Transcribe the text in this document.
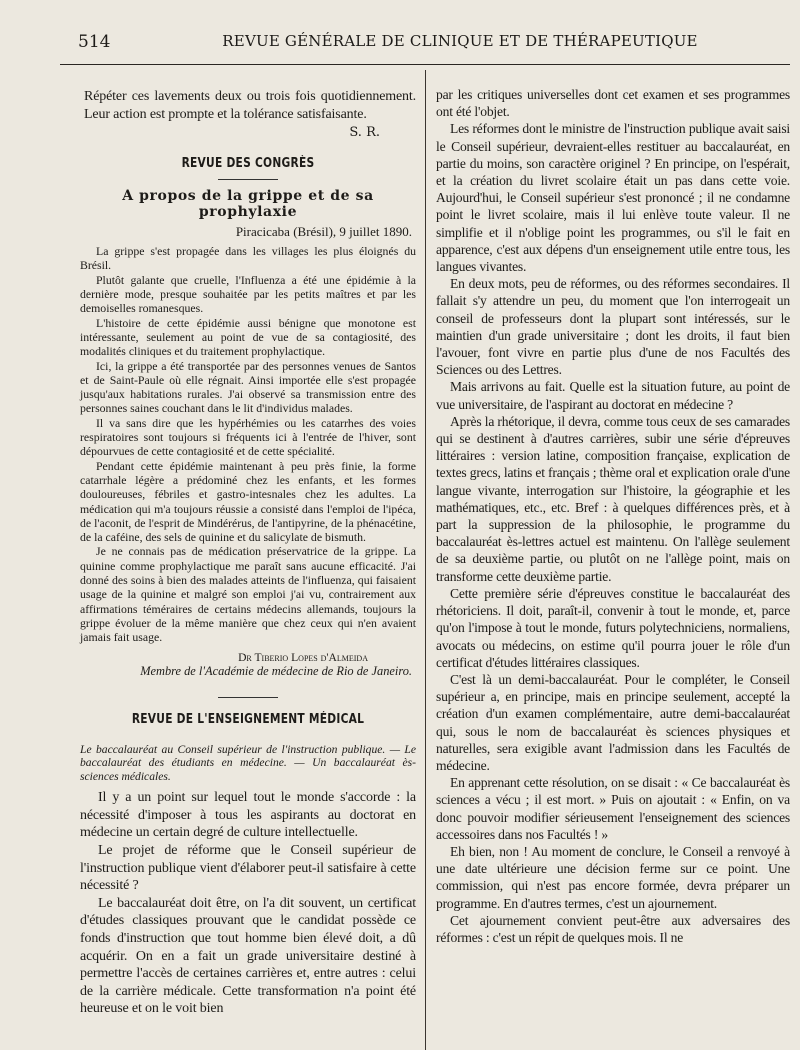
514	REVUE GÉNÉRALE DE CLINIQUE ET DE THÉRAPEUTIQUE

Répéter ces lavements deux ou trois fois quotidiennement. Leur action est prompte et la tolérance satisfaisante.

S. R.
REVUE DES CONGRÈS
A propos de la grippe et de sa prophylaxie
Piracicaba (Brésil), 9 juillet 1890.

La grippe s'est propagée dans les villages les plus éloignés du Brésil.

Plutôt galante que cruelle, l'Influenza a été une épidémie à la dernière mode, presque souhaitée par les petits maîtres et par les demoiselles romanesques.

L'histoire de cette épidémie aussi bénigne que monotone est intéressante, seulement au point de vue de sa contagiosité, des modalités cliniques et du traitement prophylactique.

Ici, la grippe a été transportée par des personnes venues de Santos et de Saint-Paule où elle régnait. Ainsi importée elle s'est propagée jusqu'aux habitations rurales. J'ai observé sa transmission entre des personnes saines couchant dans le lit d'individus malades.

Il va sans dire que les hypérhémies ou les catarrhes des voies respiratoires sont toujours si fréquents ici à l'entrée de l'hiver, sont dépourvues de cette contagiosité et de cette spécialité.

Pendant cette épidémie maintenant à peu près finie, la forme catarrhale légère a prédominé chez les enfants, et les formes douloureuses, fébriles et gastro-intesnales chez les adultes. La médication qui m'a toujours réussie a consisté dans l'emploi de l'ipéca, de l'aconit, de l'esprit de Mindérérus, de l'antipyrine, de la phénacétine, de la caféine, des sels de quinine et du salicylate de bismuth.

Je ne connais pas de médication préservatrice de la grippe. La quinine comme prophylactique me paraît sans aucune efficacité. J'ai donné des soins à bien des malades atteints de l'influenza, qui faisaient usage de la quinine et malgré son emploi j'ai vu, contrairement aux affirmations téméraires de certains médecins allemands, toujours la grippe évoluer de la même manière que chez ceux qui n'en avaient jamais fait usage.

Dr Tiberio Lopes d'Almeida
Membre de l'Académie de médecine de Rio de Janeiro.
REVUE DE L'ENSEIGNEMENT MÉDICAL

Le baccalauréat au Conseil supérieur de l'instruction publique. — Le baccalauréat des étudiants en médecine. — Un baccalauréat ès-sciences médicales.

Il y a un point sur lequel tout le monde s'accorde : la nécessité d'imposer à tous les aspirants au doctorat en médecine un certain degré de culture intellectuelle.

Le projet de réforme que le Conseil supérieur de l'instruction publique vient d'élaborer peut-il satisfaire à cette nécessité ?

Le baccalauréat doit être, on l'a dit souvent, un certificat d'études classiques prouvant que le candidat possède ce fonds d'instruction que tout homme bien élevé doit, a dû acquérir. On en a fait un grade universitaire destiné à permettre l'accès de certaines carrières et, entre autres : celui de la carrière médicale. Cette transformation n'a point été heureuse et on le voit bien

par les critiques universelles dont cet examen et ses programmes ont été l'objet.

Les réformes dont le ministre de l'instruction publique avait saisi le Conseil supérieur, devraient-elles restituer au baccalauréat, en partie du moins, son caractère originel ? En principe, on l'espérait, et la création du livret scolaire était un pas dans cette voie. Aujourd'hui, le Conseil supérieur s'est prononcé ; il ne condamne point le livret scolaire, mais il lui enlève toute valeur. Il ne simplifie et il n'oblige point les programmes, ou s'il le fait en apparence, c'est aux dépens d'un enseignement utile entre tous, les langues vivantes.

En deux mots, peu de réformes, ou des réformes secondaires. Il fallait s'y attendre un peu, du moment que l'on interrogeait un conseil de professeurs dont la plupart sont intéressés, sur le maintien d'un grade universitaire ; dont les droits, il faut bien l'avouer, font vivre en partie plus d'une de nos Facultés des Sciences ou des Lettres.

Mais arrivons au fait. Quelle est la situation future, au point de vue universitaire, de l'aspirant au doctorat en médecine ?

Après la rhétorique, il devra, comme tous ceux de ses camarades qui se destinent à d'autres carrières, subir une série d'épreuves littéraires : version latine, composition française, explication de textes grecs, latins et français ; thème oral et explication orale d'une langue vivante, interrogation sur l'histoire, la géographie et les mathématiques, etc., etc. Bref : à quelques différences près, et à part la suppression de la philosophie, le programme du baccalauréat ès-lettres actuel est maintenu. On l'allège seulement de sa deuxième partie, ou plutôt on ne l'allège point, mais on transforme cette deuxième partie.

Cette première série d'épreuves constitue le baccalauréat des rhétoriciens. Il doit, paraît-il, convenir à tout le monde, et, parce qu'on l'impose à tout le monde, futurs polytechniciens, normaliens, avocats ou médecins, on estime qu'il pourra jouer le rôle d'un certificat d'études littéraires classiques.

C'est là un demi-baccalauréat. Pour le compléter, le Conseil supérieur a, en principe, mais en principe seulement, accepté la création d'un examen complémentaire, autre demi-baccalauréat qui, sous le nom de baccalauréat ès sciences physiques et naturelles, sera exigible avant l'admission dans les Facultés de médecine.

En apprenant cette résolution, on se disait : « Ce baccalauréat ès sciences a vécu ; il est mort. » Puis on ajoutait : « Enfin, on va donc pouvoir modifier sérieusement l'enseignement des sciences accessoires dans nos Facultés ! »

Eh bien, non ! Au moment de conclure, le Conseil a renvoyé à une date ultérieure une décision ferme sur ce point. Une commission, qui n'est pas encore formée, devra préparer un programme. En d'autres termes, c'est un ajournement.

Cet ajournement convient peut-être aux adversaires des réformes : c'est un répit de quelques mois. Il ne
